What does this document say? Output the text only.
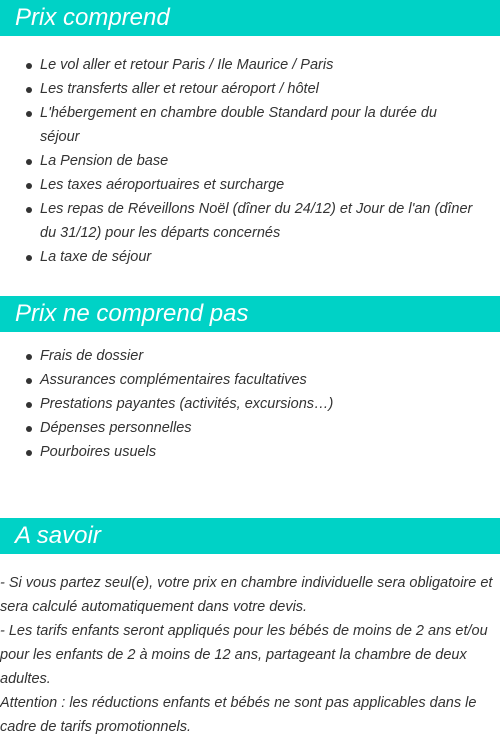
Prix comprend
Le vol aller et retour Paris / Ile Maurice / Paris
Les transferts aller et retour aéroport / hôtel
L'hébergement en chambre double Standard pour la durée du séjour
La Pension de base
Les taxes aéroportuaires et surcharge
Les repas de Réveillons Noël (dîner du 24/12) et Jour de l'an (dîner du 31/12) pour les départs concernés
La taxe de séjour
Prix ne comprend pas
Frais de dossier
Assurances complémentaires facultatives
Prestations payantes (activités, excursions…)
Dépenses personnelles
Pourboires usuels
A savoir
- Si vous partez seul(e), votre prix en chambre individuelle sera obligatoire et sera calculé automatiquement dans votre devis.
- Les tarifs enfants seront appliqués pour les bébés de moins de 2 ans et/ou pour les enfants de 2 à moins de 12 ans, partageant la chambre de deux adultes.
Attention : les réductions enfants et bébés ne sont pas applicables dans le cadre de tarifs promotionnels.
